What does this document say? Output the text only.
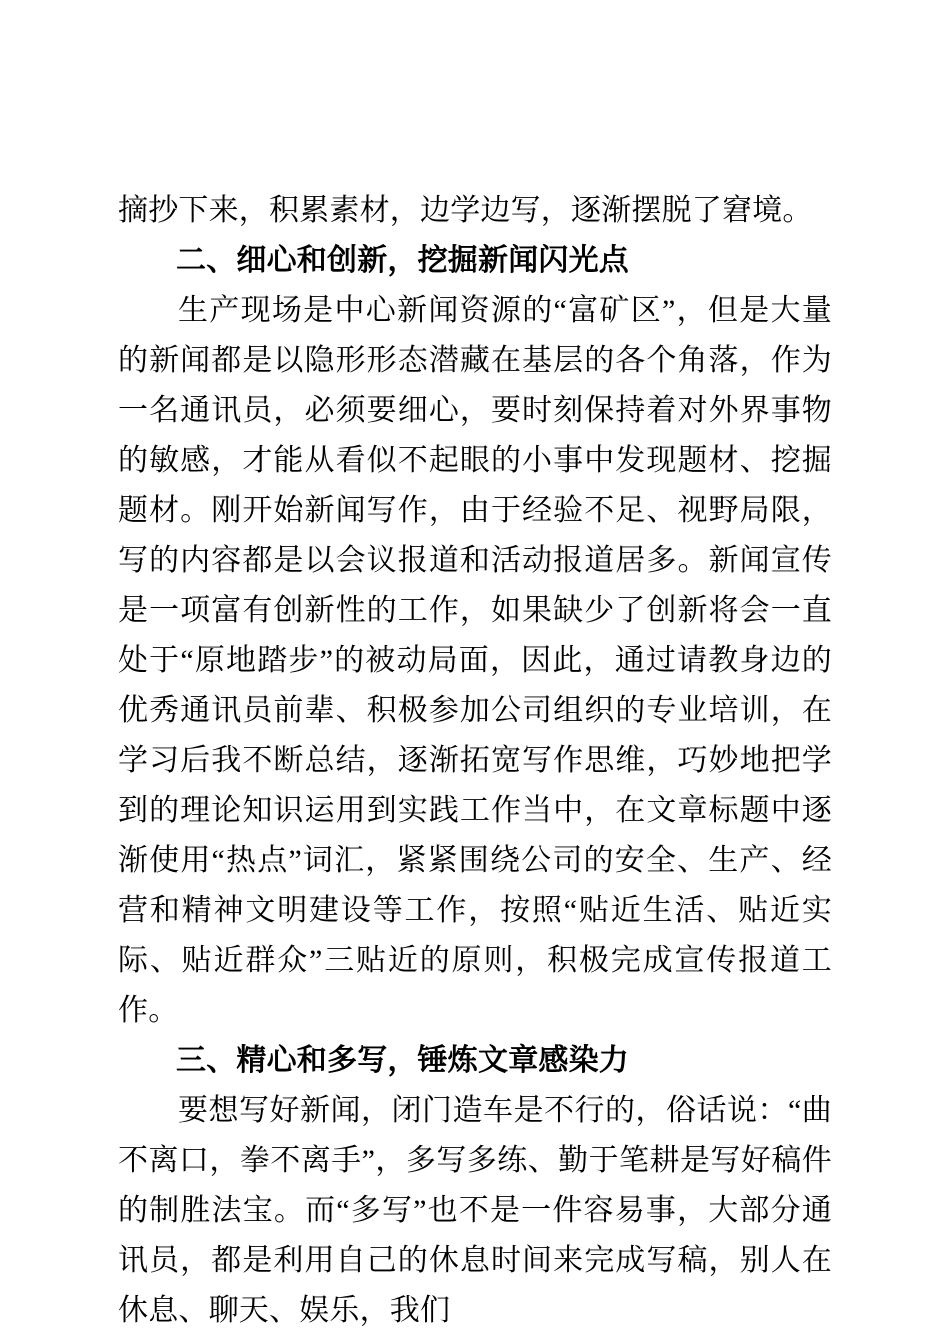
摘抄下来，积累素材，边学边写，逐渐摆脱了窘境。

二、细心和创新，挖掘新闻闪光点

生产现场是中心新闻资源的“富矿区”，但是大量的新闻都是以隐形形态潜藏在基层的各个角落，作为一名通讯员，必须要细心，要时刻保持着对外界事物的敏感，才能从看似不起眼的小事中发现题材、挖掘题材。刚开始新闻写作，由于经验不足、视野局限，写的内容都是以会议报道和活动报道居多。新闻宣传是一项富有创新性的工作，如果缺少了创新将会一直处于“原地踏步”的被动局面，因此，通过请教身边的优秀通讯员前辈、积极参加公司组织的专业培训，在学习后我不断总结，逐渐拓宽写作思维，巧妙地把学到的理论知识运用到实践工作当中，在文章标题中逐渐使用“热点”词汇，紧紧围绕公司的安全、生产、经营和精神文明建设等工作，按照“贴近生活、贴近实际、贴近群众”三贴近的原则，积极完成宣传报道工作。

三、精心和多写，锤炼文章感染力

要想写好新闻，闭门造车是不行的，俗话说：“曲不离口，拳不离手”，多写多练、勤于笔耕是写好稿件的制胜法宝。而“多写”也不是一件容易事，大部分通讯员，都是利用自己的休息时间来完成写稿，别人在休息、聊天、娱乐，我们
